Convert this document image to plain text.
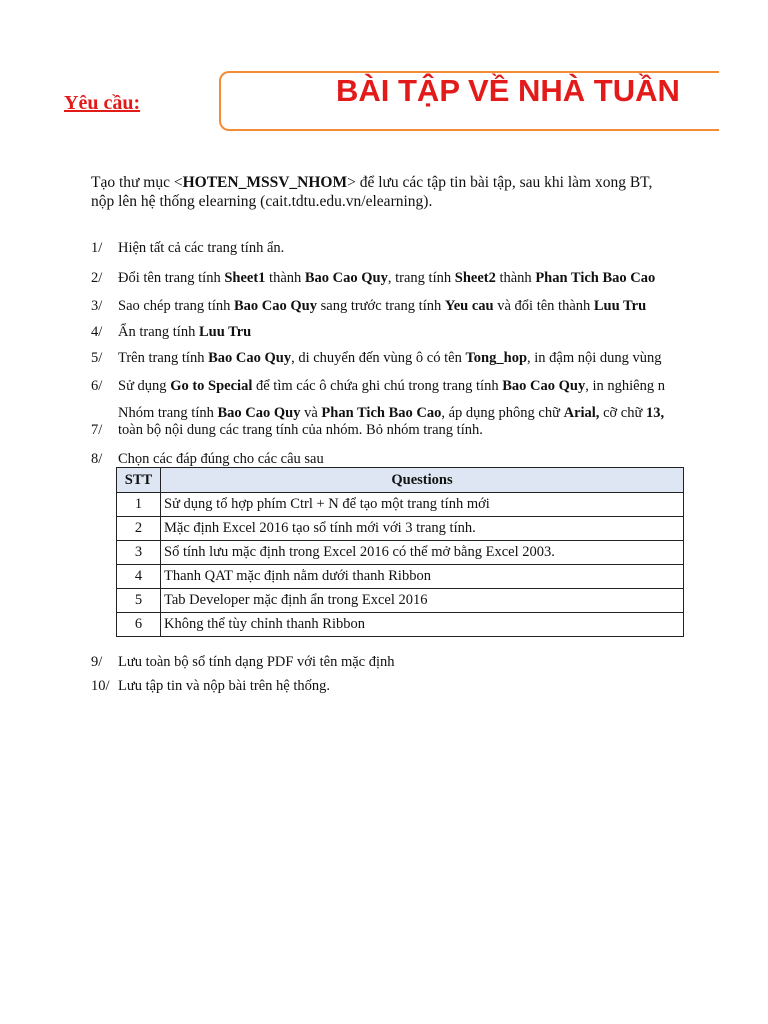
Yêu cầu:	BÀI TẬP VỀ NHÀ TUẦN
Tạo thư mục <HOTEN_MSSV_NHOM> để lưu các tập tin bài tập, sau khi làm xong BT,
nộp lên hệ thống elearning (cait.tdtu.edu.vn/elearning).
1/ Hiện tất cả các trang tính ẩn.
2/ Đổi tên trang tính Sheet1 thành Bao Cao Quy, trang tính Sheet2 thành Phan Tich Bao Cao
3/ Sao chép trang tính Bao Cao Quy sang trước trang tính Yeu cau và đổi tên thành Luu Tru
4/ Ẩn trang tính Luu Tru
5/ Trên trang tính Bao Cao Quy, di chuyển đến vùng ô có tên Tong_hop, in đậm nội dung vùng
6/ Sử dụng Go to Special để tìm các ô chứa ghi chú trong trang tính Bao Cao Quy, in nghiêng n
7/
Nhóm trang tính Bao Cao Quy và Phan Tich Bao Cao, áp dụng phông chữ Arial, cỡ chữ 13,
toàn bộ nội dung các trang tính của nhóm. Bỏ nhóm trang tính.
8/ Chọn các đáp đúng cho các câu sau
STT	Questions
1	Sử dụng tổ hợp phím Ctrl + N để tạo một trang tính mới
2	Mặc định Excel 2016 tạo sổ tính mới với 3 trang tính.
3	Sổ tính lưu mặc định trong Excel 2016 có thể mở bằng Excel 2003.
4	Thanh QAT mặc định nằm dưới thanh Ribbon
5	Tab Developer mặc định ẩn trong Excel 2016
6	Không thể tùy chỉnh thanh Ribbon
9/ Lưu toàn bộ sổ tính dạng PDF với tên mặc định
10/ Lưu tập tin và nộp bài trên hệ thống.
